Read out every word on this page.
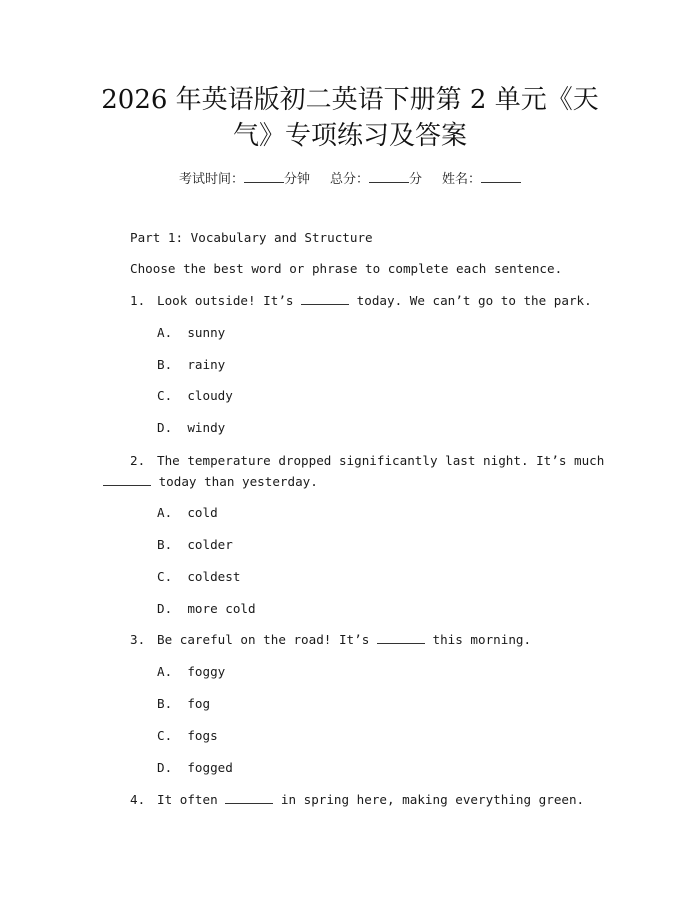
2026 年英语版初二英语下册第 2 单元《天
气》专项练习及答案
考试时间：	分钟 总分：	分 姓名：
Part 1: Vocabulary and Structure
Choose the best word or phrase to complete each sentence.
1. Look outside! It’s	today. We can’t go to the park.
A.  sunny
B.  rainy
C.  cloudy
D.  windy
2. The temperature dropped significantly last night. It’s much
today than yesterday.
A.  cold
B.  colder
C.  coldest
D.  more cold
3. Be careful on the road! It’s	this morning.
A.  foggy
B.  fog
C.  fogs
D.  fogged
4. It often	in spring here, making everything green.
